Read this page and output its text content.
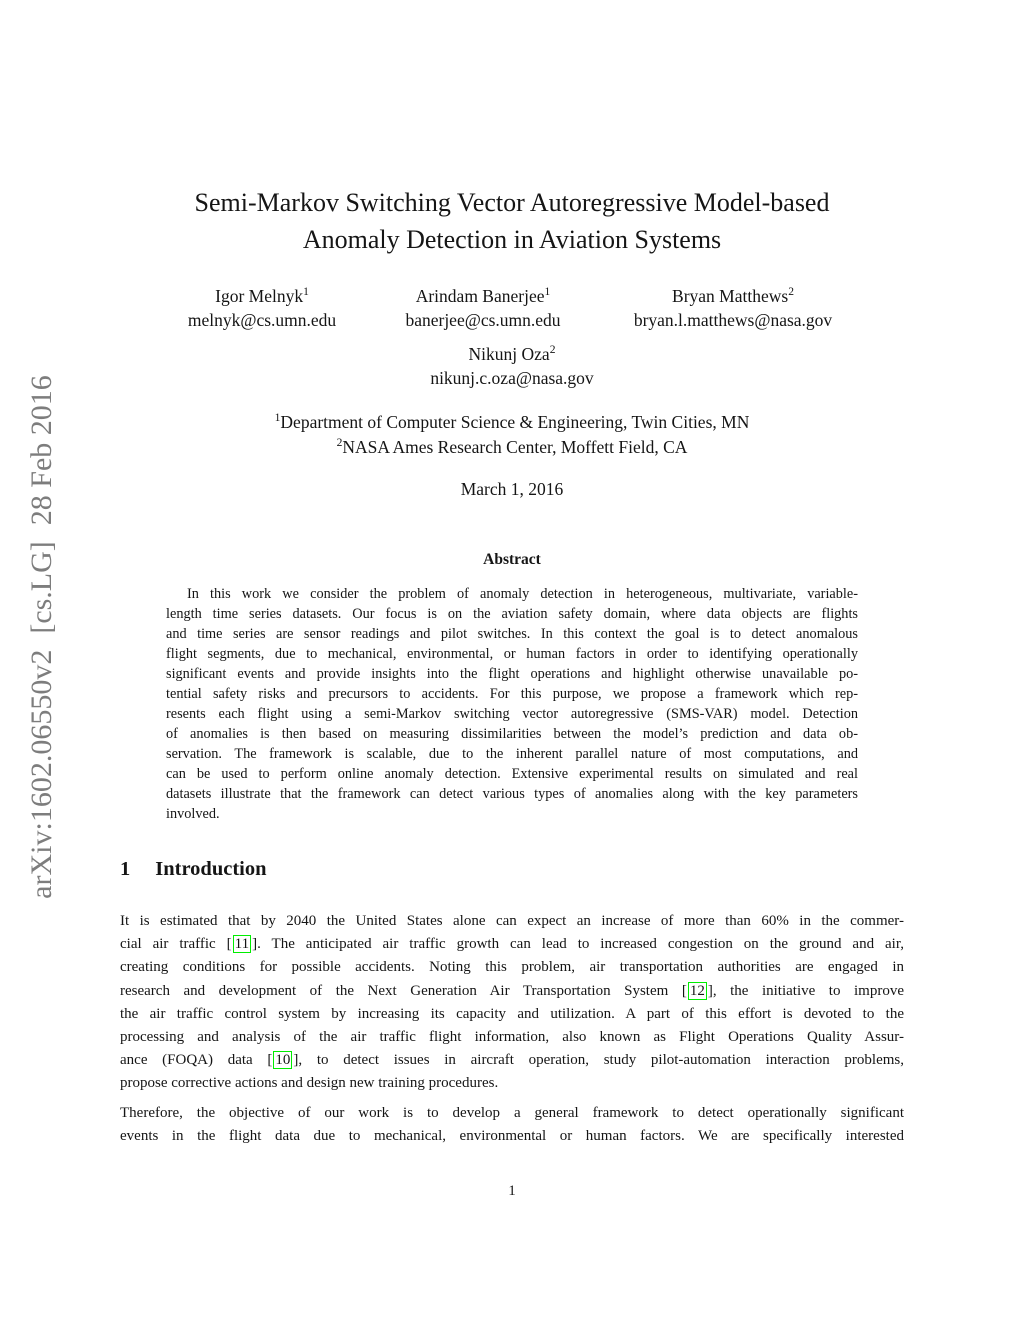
arXiv:1602.06550v2
[cs.LG]
28 Feb 2016
Semi-Markov Switching Vector Autoregressive Model-based
Anomaly Detection in Aviation Systems
Igor Melnyk$^1$
melnyk@cs.umn.edu
Arindam Banerjee$^1$
banerjee@cs.umn.edu
Bryan Matthews$^2$
bryan.l.matthews@nasa.gov
Nikunj Oza$^2$
nikunj.c.oza@nasa.gov
$^1$Department of Computer Science & Engineering, Twin Cities, MN
$^2$NASA Ames Research Center, Moffett Field, CA
March 1, 2016
Abstract
In this work we consider the problem of anomaly detection in heterogeneous, multivariate, variable-
length time series datasets. Our focus is on the aviation safety domain, where data objects are flights
and time series are sensor readings and pilot switches. In this context the goal is to detect anomalous
flight segments, due to mechanical, environmental, or human factors in order to identifying operationally
significant events and provide insights into the flight operations and highlight otherwise unavailable po-
tential safety risks and precursors to accidents. For this purpose, we propose a framework which rep-
resents each flight using a semi-Markov switching vector autoregressive (SMS-VAR) model. Detection
of anomalies is then based on measuring dissimilarities between the model’s prediction and data ob-
servation. The framework is scalable, due to the inherent parallel nature of most computations, and
can be used to perform online anomaly detection. Extensive experimental results on simulated and real
datasets illustrate that the framework can detect various types of anomalies along with the key parameters
involved.
1 Introduction
It is estimated that by 2040 the United States alone can expect an increase of more than 60% in the commer-
cial air traffic [ 11 ]. The anticipated air traffic growth can lead to increased congestion on the ground and air,
creating conditions for possible accidents. Noting this problem, air transportation authorities are engaged in
research and development of the Next Generation Air Transportation System [ 12 ], the initiative to improve
the air traffic control system by increasing its capacity and utilization. A part of this effort is devoted to the
processing and analysis of the air traffic flight information, also known as Flight Operations Quality Assur-
ance (FOQA) data [ 10 ], to detect issues in aircraft operation, study pilot-automation interaction problems,
propose corrective actions and design new training procedures.
Therefore, the objective of our work is to develop a general framework to detect operationally significant
events in the flight data due to mechanical, environmental or human factors. We are specifically interested
1
